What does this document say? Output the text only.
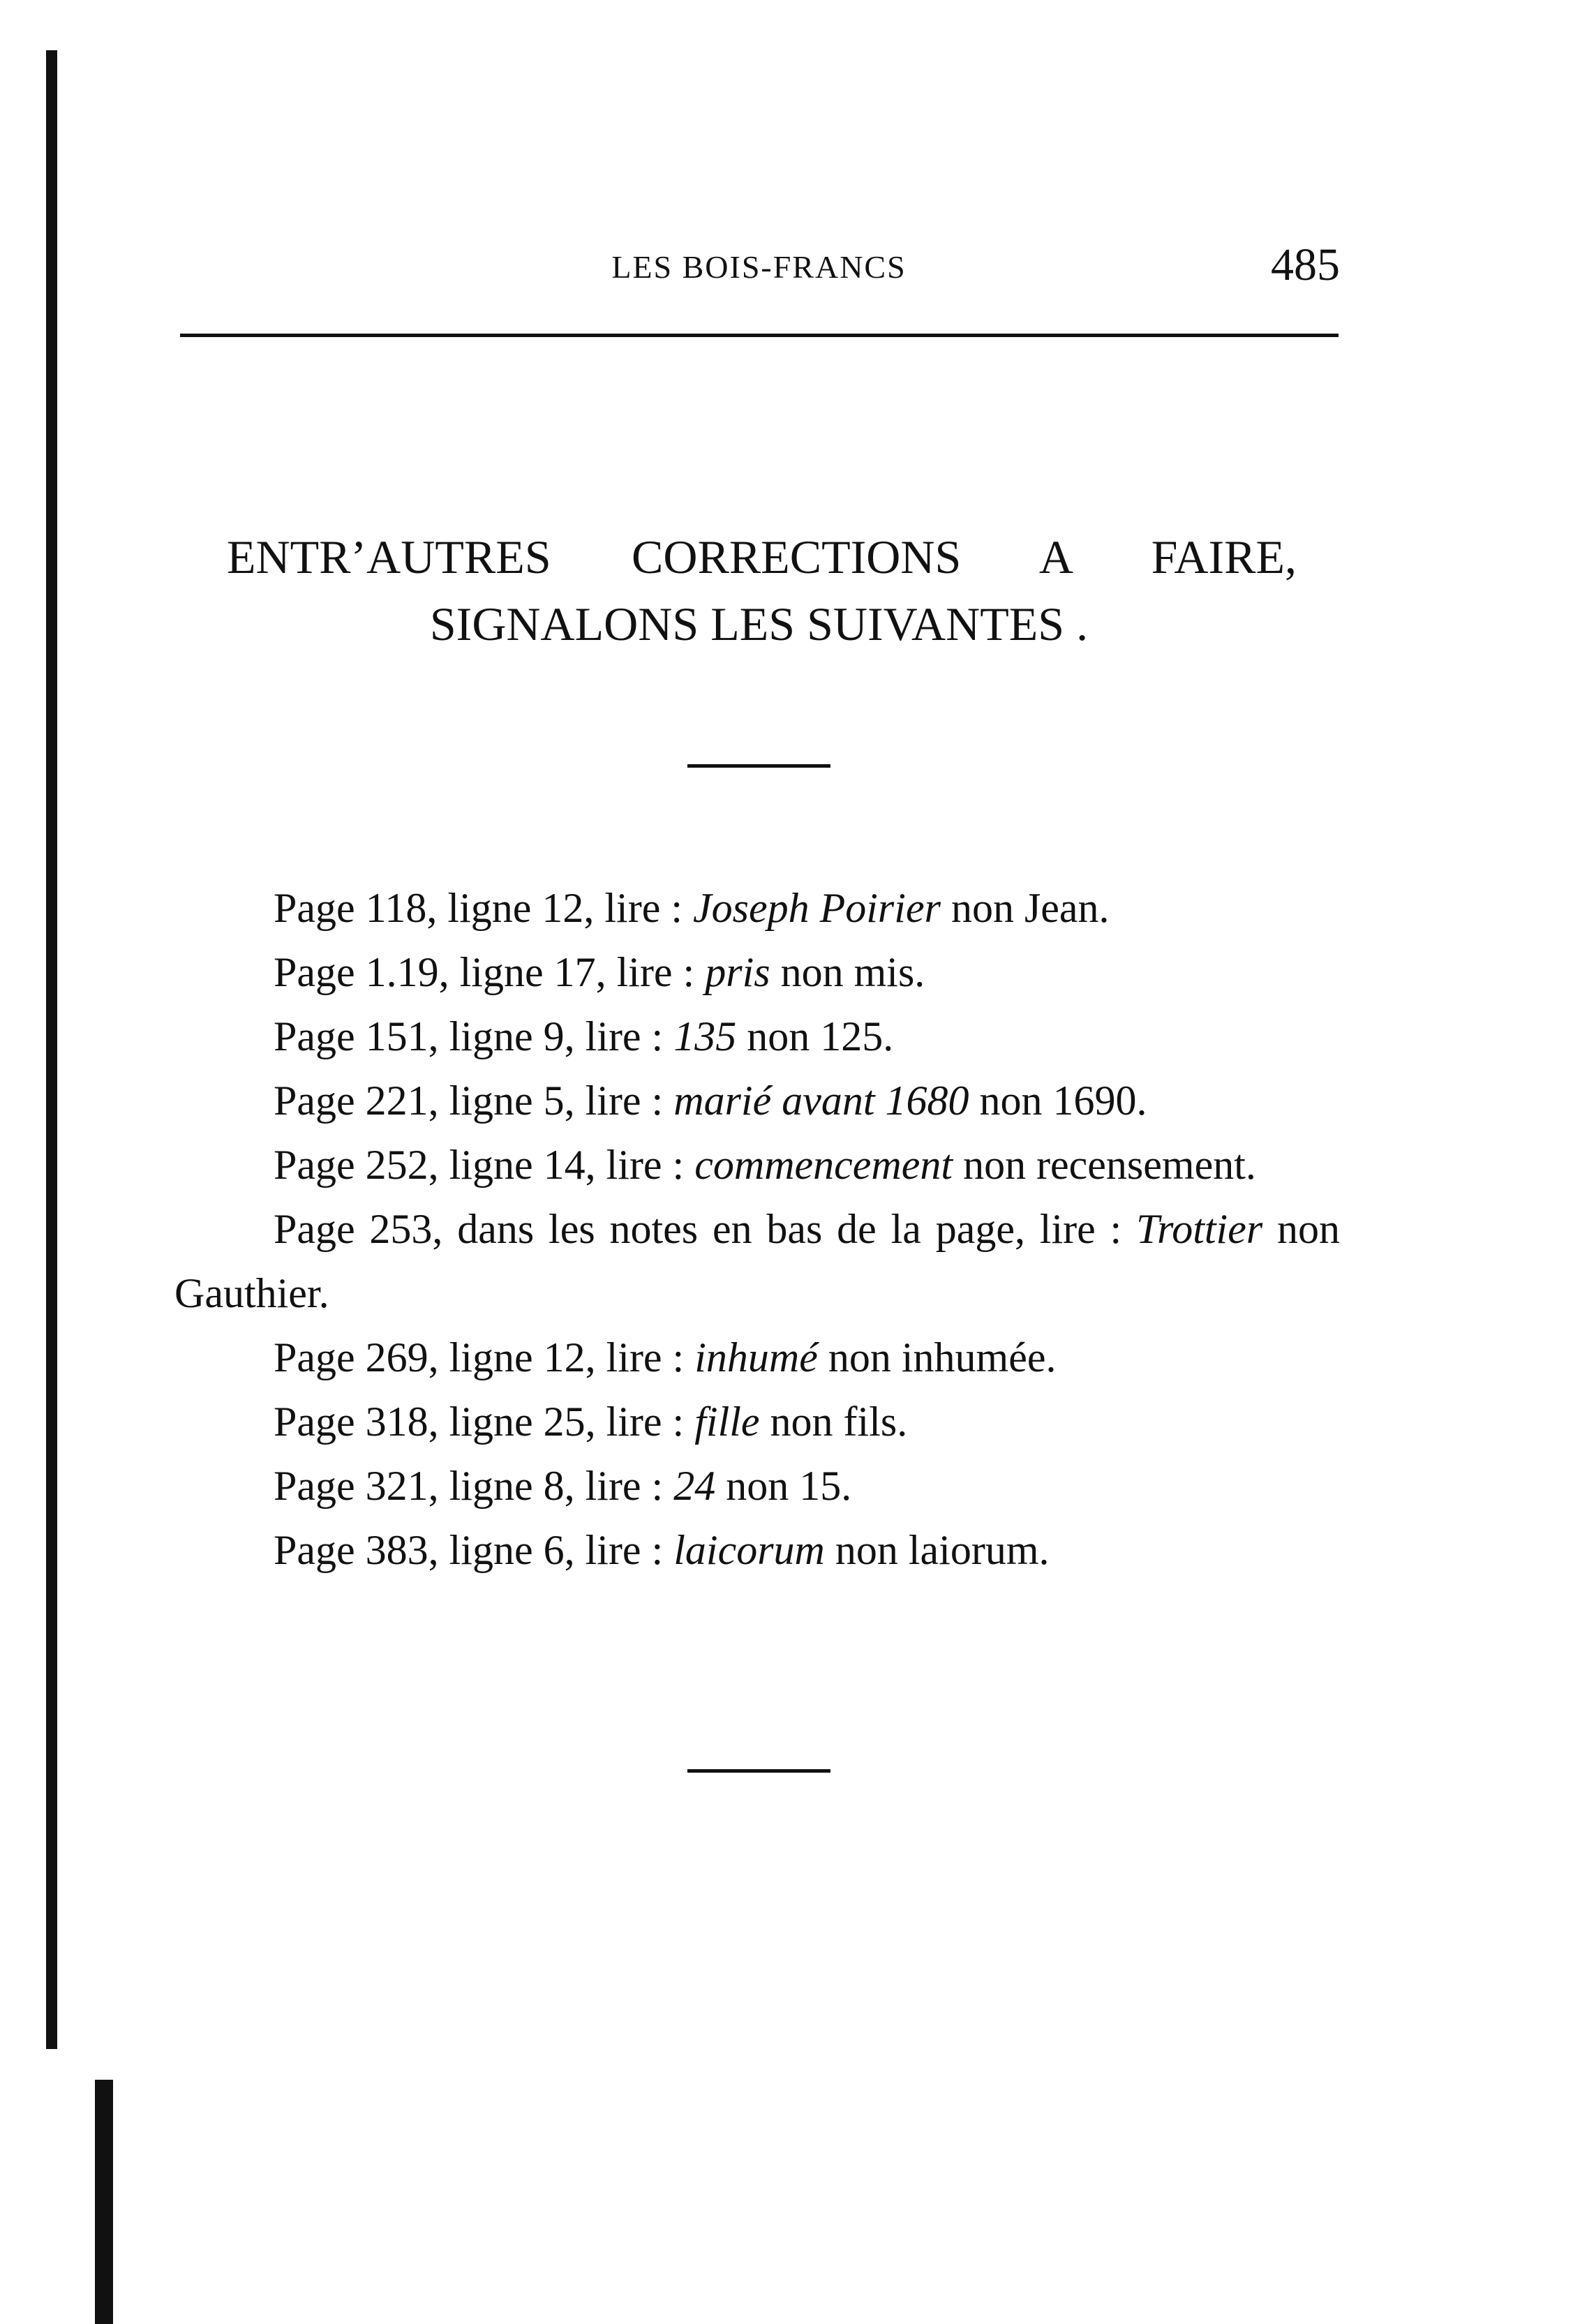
LES BOIS-FRANCS	485
ENTR’AUTRES CORRECTIONS A FAIRE,
SIGNALONS LES SUIVANTES .

Page 118, ligne 12, lire : Joseph Poirier non Jean.

Page 1.19, ligne 17, lire : pris non mis.

Page 151, ligne 9, lire : 135 non 125.

Page 221, ligne 5, lire : marié avant 1680 non 1690.

Page 252, ligne 14, lire : commencement non recensement.

Page 253, dans les notes en bas de la page, lire : Trottier non Gauthier.

Page 269, ligne 12, lire : inhumé non inhumée.

Page 318, ligne 25, lire : fille non fils.

Page 321, ligne 8, lire : 24 non 15.

Page 383, ligne 6, lire : laicorum non laiorum.
